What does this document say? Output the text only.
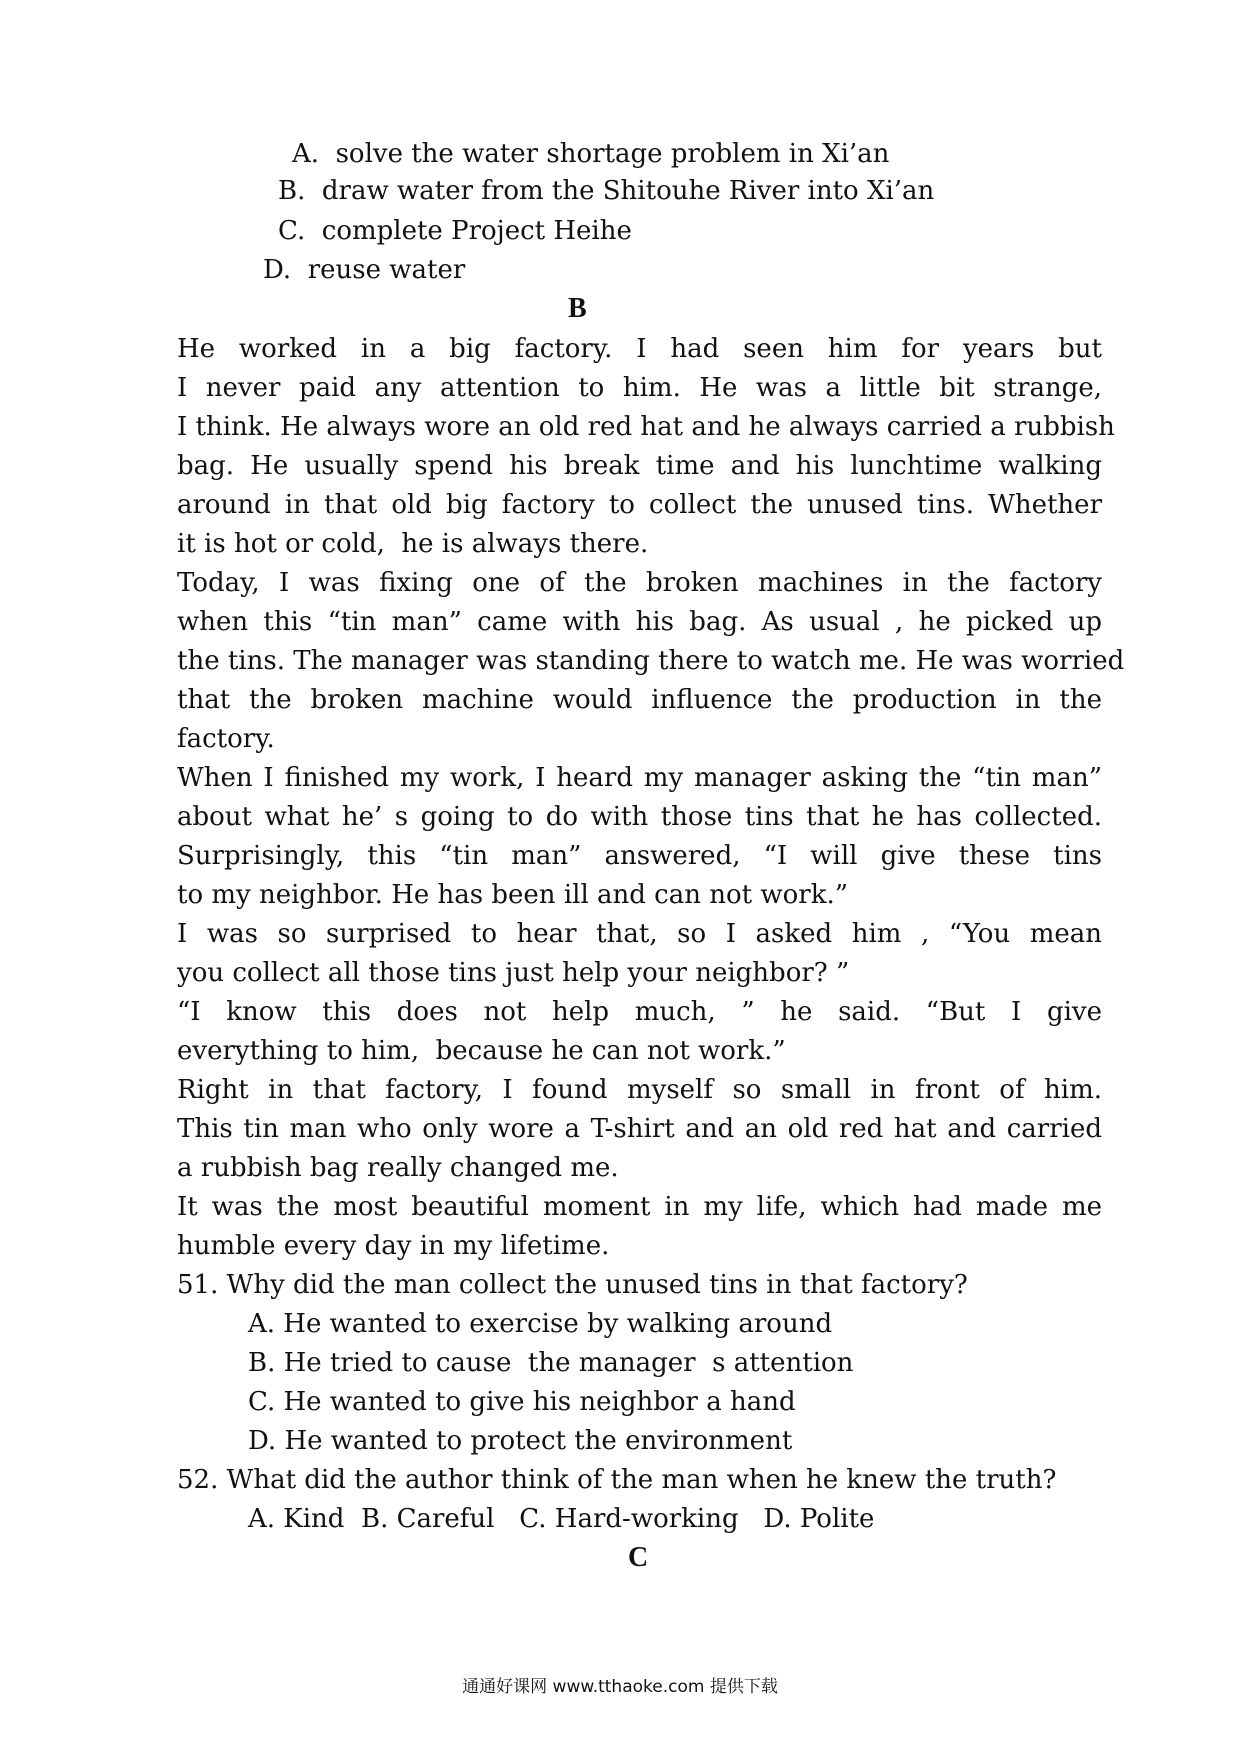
A.  solve the water shortage problem in Xi’an

B.  draw water from the Shitouhe River into Xi’an

C.  complete Project Heihe

D.  reuse water

B

He worked in a big factory. I had seen him for years but

I never paid any attention to him. He was a little bit strange,

I think. He always wore an old red hat and he always carried a rubbish

bag. He usually spend his break time and his lunchtime walking

around in that old big factory to collect the unused tins. Whether

it is hot or cold,  he is always there.

Today, I was fixing one of the broken machines in the factory

when this “tin man” came with his bag. As usual , he picked up

the tins. The manager was standing there to watch me. He was worried

that the broken machine would influence the production in the

factory.

When I finished my work, I heard my manager asking the “tin man”

about what he’ s going to do with those tins that he has collected.

Surprisingly, this “tin man” answered, “I will give these tins

to my neighbor. He has been ill and can not work.”

I was so surprised to hear that, so I asked him , “You mean

you collect all those tins just help your neighbor? ”

“I know this does not help much, ” he said. “But I give

everything to him,  because he can not work.”

Right in that factory, I found myself so small in front of him.

This tin man who only wore a T-shirt and an old red hat and carried

a rubbish bag really changed me.

It was the most beautiful moment in my life, which had made me

humble every day in my lifetime.

51. Why did the man collect the unused tins in that factory?

A. He wanted to exercise by walking around

B. He tried to cause  the manager  s attention

C. He wanted to give his neighbor a hand

D. He wanted to protect the environment

52. What did the author think of the man when he knew the truth?

A. Kind  B. Careful   C. Hard-working   D. Polite

C

通通好课网 www.tthaoke.com 提供下载
